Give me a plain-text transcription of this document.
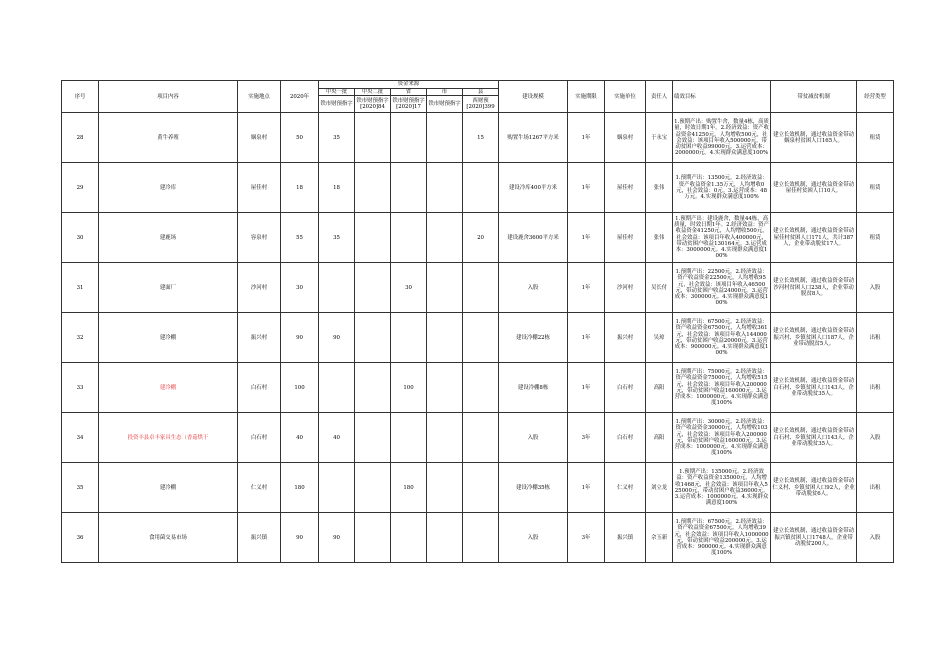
序号	项目内容	实施地点	2020年	资金来源					建设规模	实施期限	实施单位	责任人	绩效目标	带贫减贫机制	经营类型
				中央一批	中央二批	省	市	县							
				铁市财预指字	铁市财预指字[2020]84	铁市财预指字[2020]17	铁市财预指字	西财预[2020]399							
28	黄牛养殖	姻泉村	50	35				15	购置牛场1267平方米	1年	姻泉村	于永宝	1.预期产出：购置牛舍，数量4栋，高质量，时效日期1年。2.经济效益：资产收益资金41250元，人均增收500元，社会效益：该项目年收入500000元，带动贫困户收益99000元。3.运营成本：2000000元。4.实现群众满意度100%	建立长效机制，通过收益资金带动姻泉村贫困人口165人。	租赁
29	建冷库	屋佳村	18	18					建设冷库400平方米	1年	屋佳村	张伟	1.预期产出：13500元。2.经济效益：资产收益资金1.35万元，人均增收0元，社会效益：0元。3.运营成本：48万元。4.实现群众满意度100%	建立长效机制，通过收益资金带动屋佳村贫困人口10人。	租赁
30	建鹿场	容泉村	55	35				20	建设鹿舍3600平方米	1年	屋佳村	张伟	1.预期产出：建设鹿舍，数量44栋，高质量，时效日期1年。2.经济效益：资产收益资金41250元，人均增收500元，社会效益：该项目年收入400000元，带动贫困户收益130164元。3.运营成本：3000000元。4.实现群众满意度100%	建立长效机制，通过收益资金带动屋佳村贫困人口171人，共计387人，企业带动脱贫17人。	租赁
31	建面厂	沙河村	30			30			入股	1年	沙河村	吴长付	1.预期产出：22500元。2.经济效益：资产收益资金22500元，人均增收95元，社会效益：该项目年收入46500元，带动贫困户收益24000元。3.运营成本：300000元。4.实现群众满意度100%	建立长效机制，通过收益资金带动沙河村贫困人口238人，企业带动脱贫8人。	入股
32	建冷棚	振兴村	90	90					建设冷棚22栋	1年	振兴村	吴琼	1.预期产出：67500元。2.经济效益：资产收益资金67500元，人均增收361元，社会效益：该项目年收入144000元，带动贫困户收益20000元。3.运营成本：900000元。4.实现群众满意度100%	建立长效机制，通过收益资金带动振兴村、乡镇贫困人口187人，企业带动脱贫5人。	出租
33	建冷棚	白石村	100			100			建设冷棚8栋	1年	白石村	高阳	1.预期产出：75000元。2.经济效益：资产收益资金75000元，人均增收515元，社会效益：该项目年收入200000元，带动贫困户收益160000元。3.运营成本：1000000元。4.实现群众满意度100%	建立长效机制，通过收益资金带动白石村、乡镇贫困人口143人，企业带动脱贫35人。	出租
34	投资丰县卓丰家具生态（香菇烘干	白石村	40	40					入股	3年	白石村	高阳	1.预期产出：30000元。2.经济效益：资产收益资金30000元，人均增收103元，社会效益：该项目年收入200000元，带动贫困户收益160000元。3.运营成本：1000000元。4.实现群众满意度100%	建立长效机制，通过收益资金带动白石村、乡镇贫困人口143人，企业带动脱贫35人。	入股
35	建冷棚	仁义村	180			180			建设冷棚35栋	1年	仁义村	刘立龙	1.预期产出：135000元。2.经济效益：资产收益资金135000元，人均增收1468元，社会效益：该项目年收入525000元，带动贫困户收益36000元。3.运营成本：1000000元。4.实现群众满意度100%	建立长效机制，通过收益资金带动仁义村、乡镇贫困人口92人，企业带动脱贫6人。	出租
36	食用菌交易市场	振兴镇	90	90					入股	3年	振兴镇	佘玉新	1.预期产出：67500元。2.经济效益：资产收益资金67500元，人均增收39元，社会效益：该项目年收入1000000元，带动贫困户收益200000元。3.运营成本：900000元。4.实现群众满意度100%	建立长效机制，通过收益资金带动振兴镇贫困人口1748人，企业带动脱贫200人。	入股
